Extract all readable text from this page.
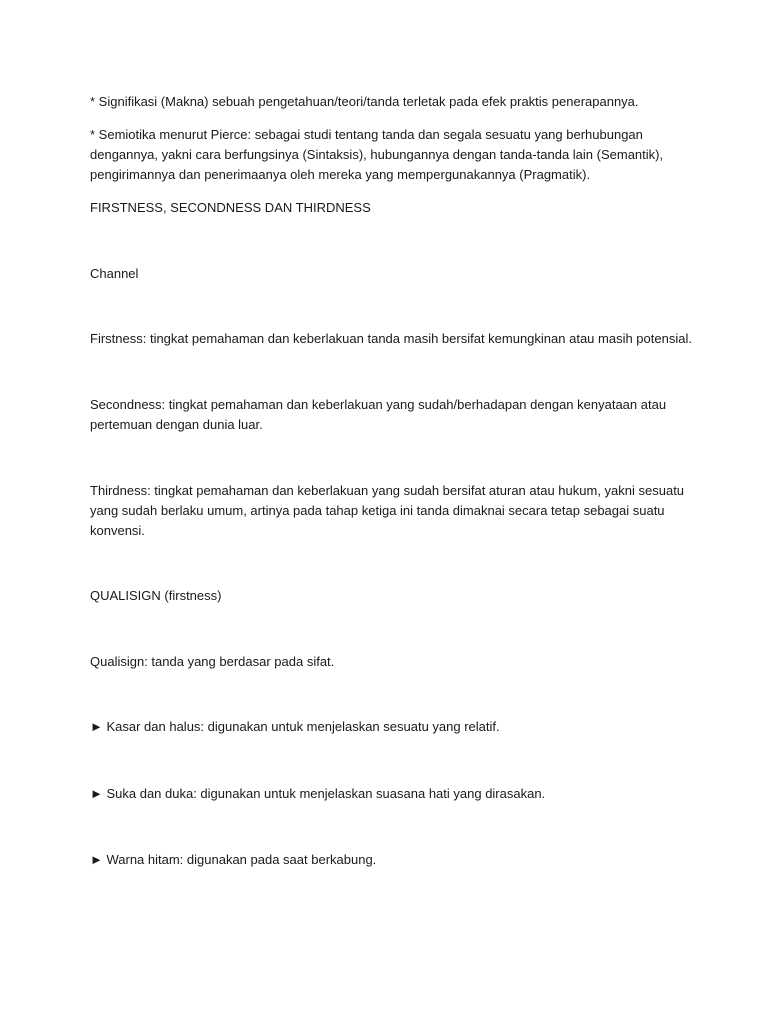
* Signifikasi (Makna) sebuah pengetahuan/teori/tanda terletak pada efek praktis penerapannya.

* Semiotika menurut Pierce: sebagai studi tentang tanda dan segala sesuatu yang berhubungan
dengannya, yakni cara berfungsinya (Sintaksis), hubungannya dengan tanda-tanda lain (Semantik),
pengirimannya dan penerimaanya oleh mereka yang mempergunakannya (Pragmatik).

FIRSTNESS, SECONDNESS DAN THIRDNESS

Channel

Firstness: tingkat pemahaman dan keberlakuan tanda masih bersifat kemungkinan atau masih potensial.

Secondness: tingkat pemahaman dan keberlakuan yang sudah/berhadapan dengan kenyataan atau
pertemuan dengan dunia luar.

Thirdness: tingkat pemahaman dan keberlakuan yang sudah bersifat aturan atau hukum, yakni sesuatu
yang sudah berlaku umum, artinya pada tahap ketiga ini tanda dimaknai secara tetap sebagai suatu
konvensi.

QUALISIGN (firstness)

Qualisign: tanda yang berdasar pada sifat.

► Kasar dan halus: digunakan untuk menjelaskan sesuatu yang relatif.

► Suka dan duka: digunakan untuk menjelaskan suasana hati yang dirasakan.

► Warna hitam: digunakan pada saat berkabung.
